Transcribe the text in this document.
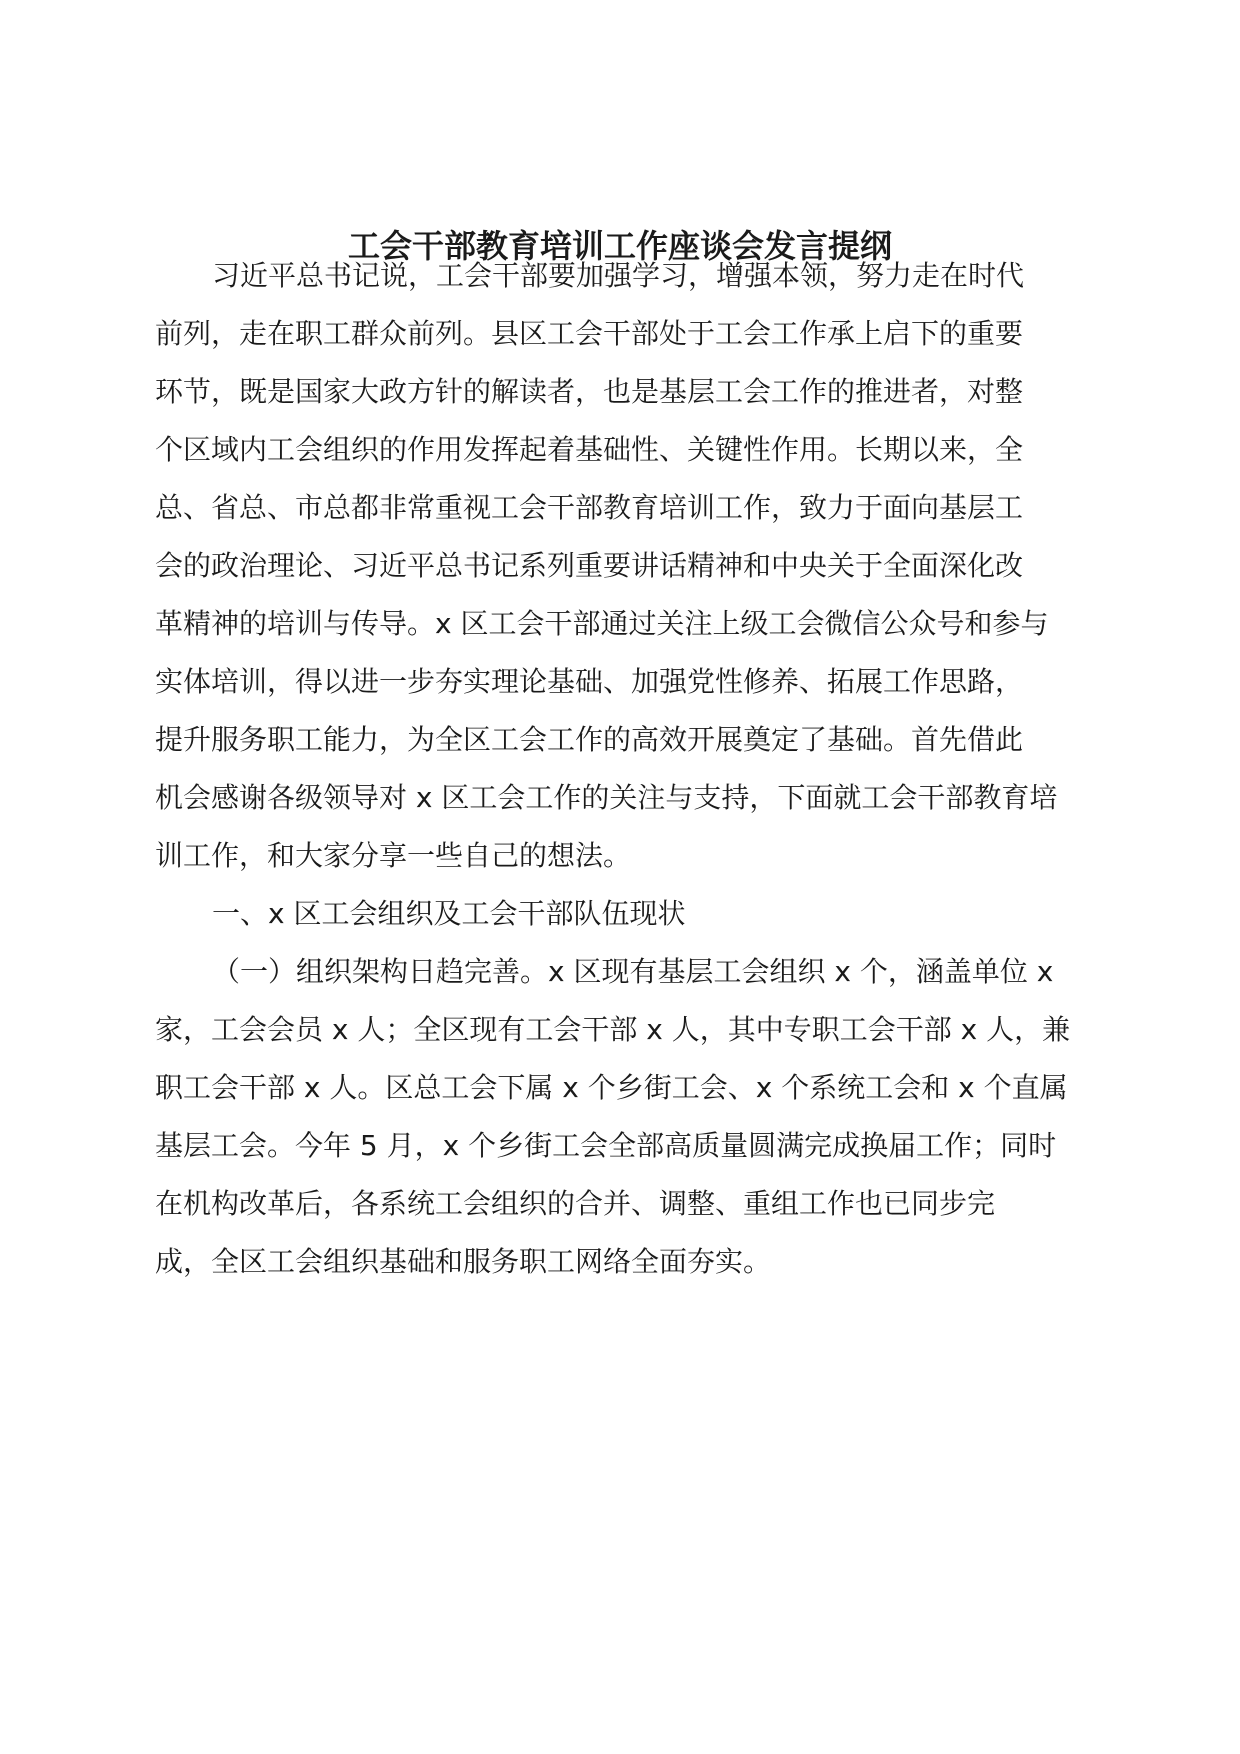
工会干部教育培训工作座谈会发言提纲

习近平总书记说，工会干部要加强学习，增强本领，努力走在时代

前列，走在职工群众前列。县区工会干部处于工会工作承上启下的重要

环节，既是国家大政方针的解读者，也是基层工会工作的推进者，对整

个区域内工会组织的作用发挥起着基础性、关键性作用。长期以来，全

总、省总、市总都非常重视工会干部教育培训工作，致力于面向基层工

会的政治理论、习近平总书记系列重要讲话精神和中央关于全面深化改

革精神的培训与传导。x 区工会干部通过关注上级工会微信公众号和参与

实体培训，得以进一步夯实理论基础、加强党性修养、拓展工作思路，

提升服务职工能力，为全区工会工作的高效开展奠定了基础。首先借此

机会感谢各级领导对 x 区工会工作的关注与支持，下面就工会干部教育培

训工作，和大家分享一些自己的想法。

一、x 区工会组织及工会干部队伍现状

（一）组织架构日趋完善。x 区现有基层工会组织 x 个，涵盖单位 x

家，工会会员 x 人；全区现有工会干部 x 人，其中专职工会干部 x 人，兼

职工会干部 x 人。区总工会下属 x 个乡街工会、x 个系统工会和 x 个直属

基层工会。今年 5 月，x 个乡街工会全部高质量圆满完成换届工作；同时

在机构改革后，各系统工会组织的合并、调整、重组工作也已同步完

成，全区工会组织基础和服务职工网络全面夯实。
